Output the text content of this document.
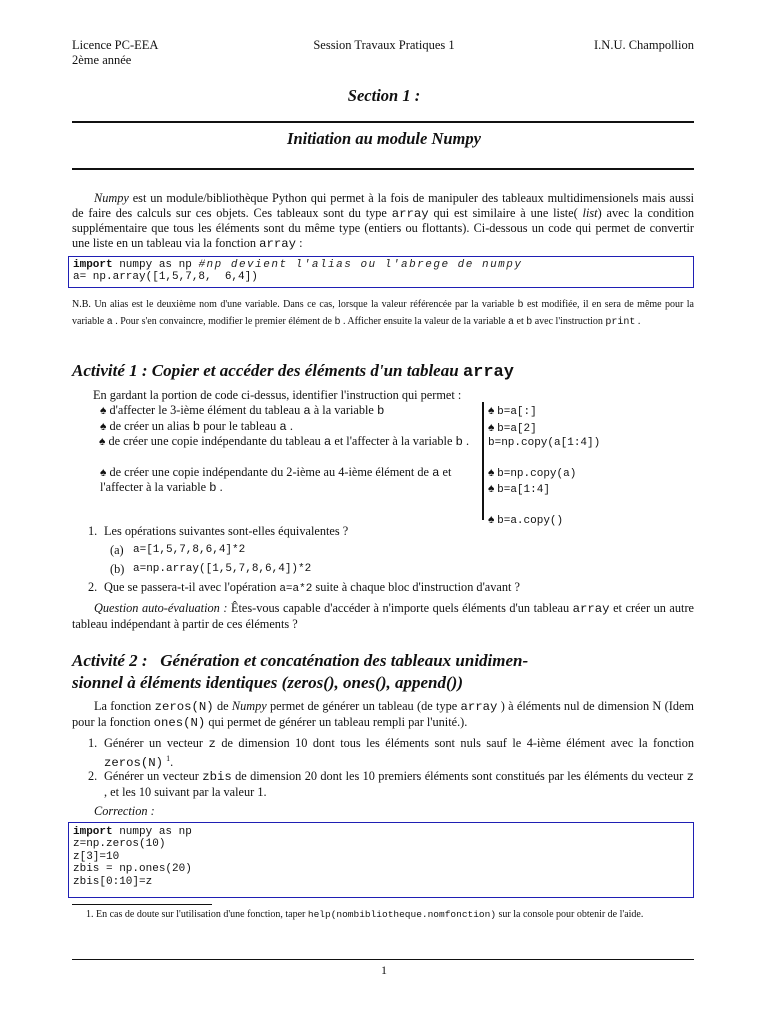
Licence PC-EEA
2ème année
Session Travaux Pratiques 1	I.N.U. Champollion
Section 1 :
Initiation au module Numpy
Numpy est un module/bibliothèque Python qui permet à la fois de manipuler des tableaux multidimensionels mais aussi de faire des calculs sur ces objets. Ces tableaux sont du type array qui est similaire à une liste( list) avec la condition supplémentaire que tous les éléments sont du même type (entiers ou flottants). Ci-dessous un code qui permet de convertir une liste en un tableau via la fonction array :
import numpy as np #np devient l'alias ou l'abrege de numpy
a= np.array([1,5,7,8,  6,4])
N.B. Un alias est le deuxième nom d'une variable. Dans ce cas, lorsque la valeur référencée par la variable b est modifiée, il en sera de même pour la variable a . Pour s'en convaincre, modifier le premier élément de b . Afficher ensuite la valeur de la variable a et b avec l'instruction print .
Activité 1 : Copier et accéder des éléments d'un tableau array
En gardant la portion de code ci-dessus, identifier l'instruction qui permet :
♠ d'affecter le 3-ième élément du tableau a à la variable b
♠ de créer un alias b pour le tableau a .
♠ de créer une copie indépendante du tableau a et l'affecter à la variable b .
♠ de créer une copie indépendante du 2-ième au 4-ième élément de a et l'affecter à la variable b .
♠ b=a[:]
♠ b=a[2]
b=np.copy(a[1:4])
♠ b=np.copy(a)
♠ b=a[1:4]
♠ b=a.copy()
1. Les opérations suivantes sont-elles équivalentes ?
(a) a=[1,5,7,8,6,4]*2
(b) a=np.array([1,5,7,8,6,4])*2
2. Que se passera-t-il avec l'opération a=a*2 suite à chaque bloc d'instruction d'avant ?
Question auto-évaluation : Êtes-vous capable d'accéder à n'importe quels éléments d'un tableau array et créer un autre tableau indépendant à partir de ces éléments ?
Activité 2 :   Génération et concaténation des tableaux unidimen-
sionnel à éléments identiques (zeros(), ones(), append())
La fonction zeros(N) de Numpy permet de générer un tableau (de type array ) à éléments nul de dimension N (Idem pour la fonction ones(N) qui permet de générer un tableau rempli par l'unité.).
1. Générer un vecteur z de dimension 10 dont tous les éléments sont nuls sauf le 4-ième élément avec la fonction zeros(N) $^1$.
2. Générer un vecteur zbis de dimension 20 dont les 10 premiers éléments sont constitués par les éléments du vecteur z , et les 10 suivant par la valeur 1.
Correction :
import numpy as np
z=np.zeros(10)
z[3]=10
zbis = np.ones(20)
zbis[0:10]=z
1. En cas de doute sur l'utilisation d'une fonction, taper help(nombibliotheque.nomfonction) sur la console pour obtenir de l'aide.
1
